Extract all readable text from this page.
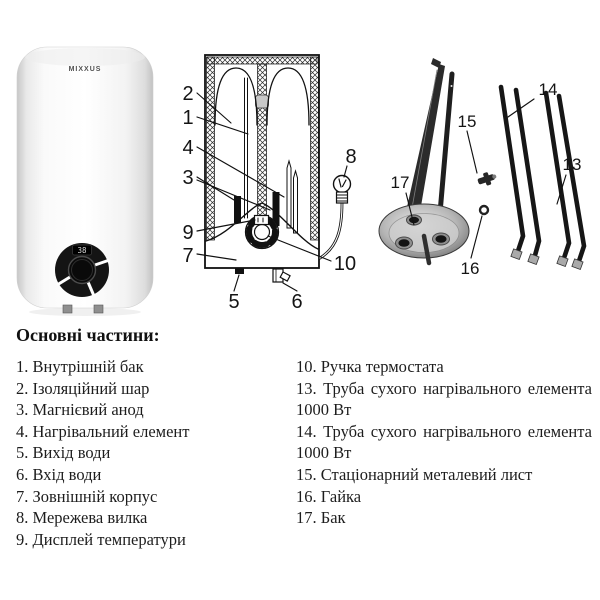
MIXXUS
38
2
1
4
3
9
7
5	6
8
10
17
15
16
14
13
Основні частини:
1. Внутрішній бак
2. Ізоляційний шар
3. Магнієвий анод
4. Нагрівальний елемент
5. Вихід води
6. Вхід води
7. Зовнішній корпус
8. Мережева вилка
9. Дисплей температури
10. Ручка термостата
13. Труба сухого нагрівального елемента 1000 Вт
14. Труба сухого нагрівального елемента 1000 Вт
15. Стаціонарний металевий лист
16. Гайка
17. Бак
